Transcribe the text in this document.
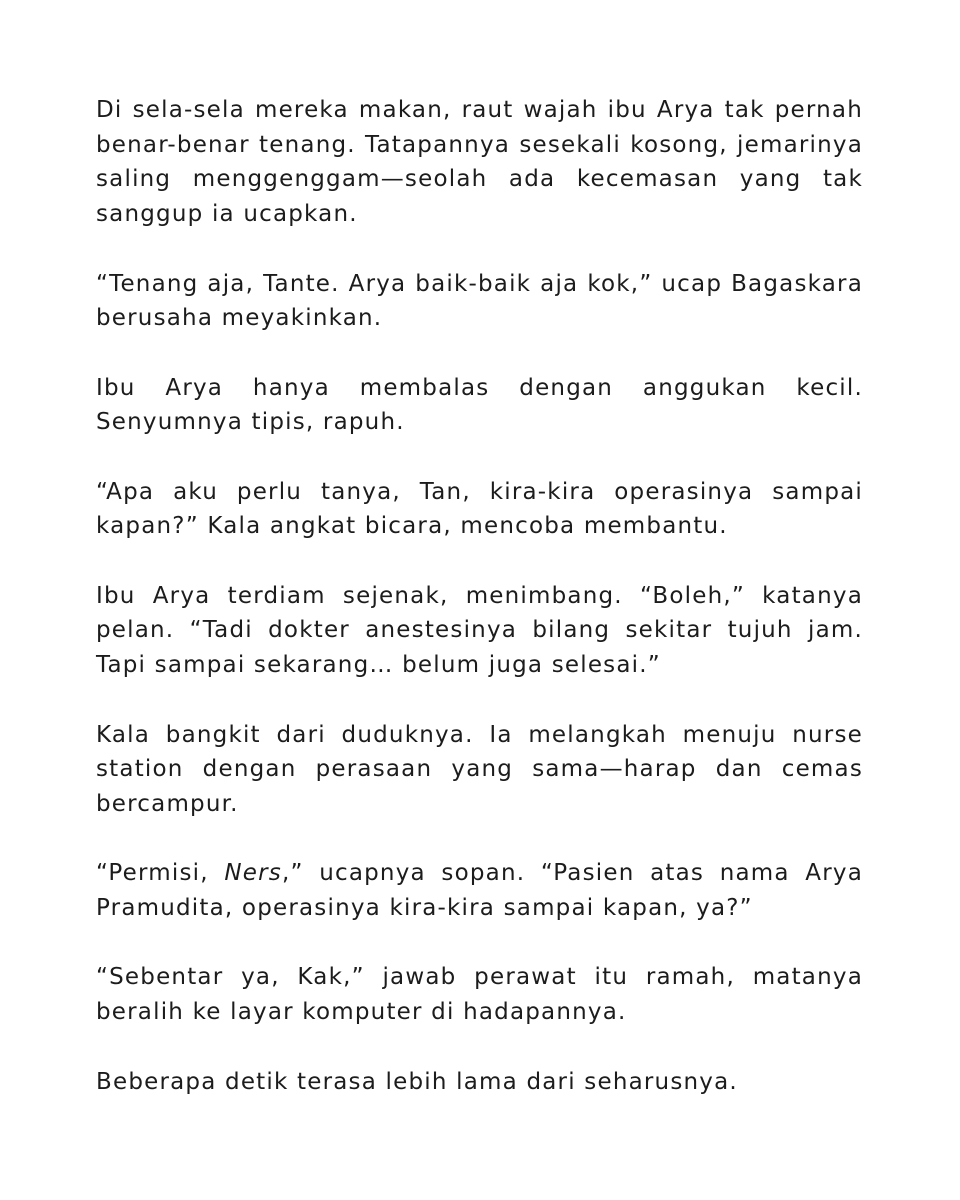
Di sela-sela mereka makan, raut wajah ibu Arya tak pernah benar-benar tenang. Tatapannya sesekali kosong, jemarinya saling menggenggam—seolah ada kecemasan yang tak sanggup ia ucapkan.

“Tenang aja, Tante. Arya baik-baik aja kok,” ucap Bagaskara berusaha meyakinkan.

Ibu Arya hanya membalas dengan anggukan kecil. Senyumnya tipis, rapuh.

“Apa aku perlu tanya, Tan, kira-kira operasinya sampai kapan?” Kala angkat bicara, mencoba membantu.

Ibu Arya terdiam sejenak, menimbang. “Boleh,” katanya pelan. “Tadi dokter anestesinya bilang sekitar tujuh jam. Tapi sampai sekarang… belum juga selesai.”

Kala bangkit dari duduknya. Ia melangkah menuju nurse station dengan perasaan yang sama—harap dan cemas bercampur.

“Permisi, Ners,” ucapnya sopan. “Pasien atas nama Arya Pramudita, operasinya kira-kira sampai kapan, ya?”

“Sebentar ya, Kak,” jawab perawat itu ramah, matanya beralih ke layar komputer di hadapannya.

Beberapa detik terasa lebih lama dari seharusnya.
